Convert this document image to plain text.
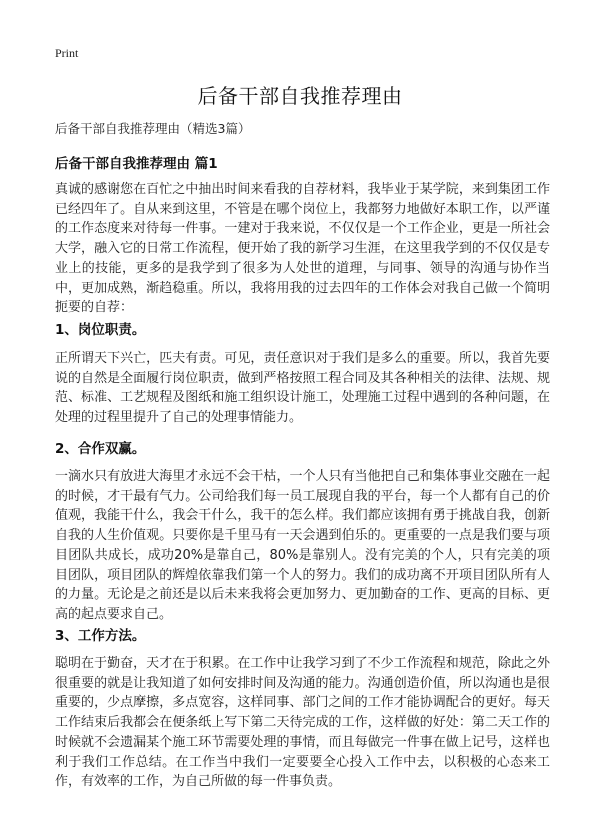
Print
后备干部自我推荐理由
后备干部自我推荐理由（精选3篇）
后备干部自我推荐理由 篇1
真诚的感谢您在百忙之中抽出时间来看我的自荐材料，我毕业于某学院，来到集团工作已经四年了。自从来到这里，不管是在哪个岗位上，我都努力地做好本职工作，以严谨的工作态度来对待每一件事。一建对于我来说，不仅仅是一个工作企业，更是一所社会大学，融入它的日常工作流程，便开始了我的新学习生涯，在这里我学到的不仅仅是专业上的技能，更多的是我学到了很多为人处世的道理，与同事、领导的沟通与协作当中，更加成熟，渐趋稳重。所以，我将用我的过去四年的工作体会对我自己做一个简明扼要的自荐：
1、岗位职责。
正所谓天下兴亡，匹夫有责。可见，责任意识对于我们是多么的重要。所以，我首先要说的自然是全面履行岗位职责，做到严格按照工程合同及其各种相关的法律、法规、规范、标准、工艺规程及图纸和施工组织设计施工，处理施工过程中遇到的各种问题，在处理的过程里提升了自己的处理事情能力。
2、合作双赢。
一滴水只有放进大海里才永远不会干枯，一个人只有当他把自己和集体事业交融在一起的时候，才干最有气力。公司给我们每一员工展现自我的平台，每一个人都有自己的价值观，我能干什么，我会干什么，我干的怎么样。我们都应该拥有勇于挑战自我，创新自我的人生价值观。只要你是千里马有一天会遇到伯乐的。更重要的一点是我们要与项目团队共成长，成功20%是靠自己，80%是靠别人。没有完美的个人，只有完美的项目团队，项目团队的辉煌依靠我们第一个人的努力。我们的成功离不开项目团队所有人的力量。无论是之前还是以后未来我将会更加努力、更加勤奋的工作、更高的目标、更高的起点要求自己。
3、工作方法。
聪明在于勤奋，天才在于积累。在工作中让我学习到了不少工作流程和规范，除此之外很重要的就是让我知道了如何安排时间及沟通的能力。沟通创造价值，所以沟通也是很重要的，少点摩擦，多点宽容，这样同事、部门之间的工作才能协调配合的更好。每天工作结束后我都会在便条纸上写下第二天待完成的工作，这样做的好处：第二天工作的时候就不会遗漏某个施工环节需要处理的事情，而且每做完一件事在做上记号，这样也利于我们工作总结。在工作当中我们一定要要全心投入工作中去，以积极的心态来工作，有效率的工作，为自己所做的每一件事负责。
